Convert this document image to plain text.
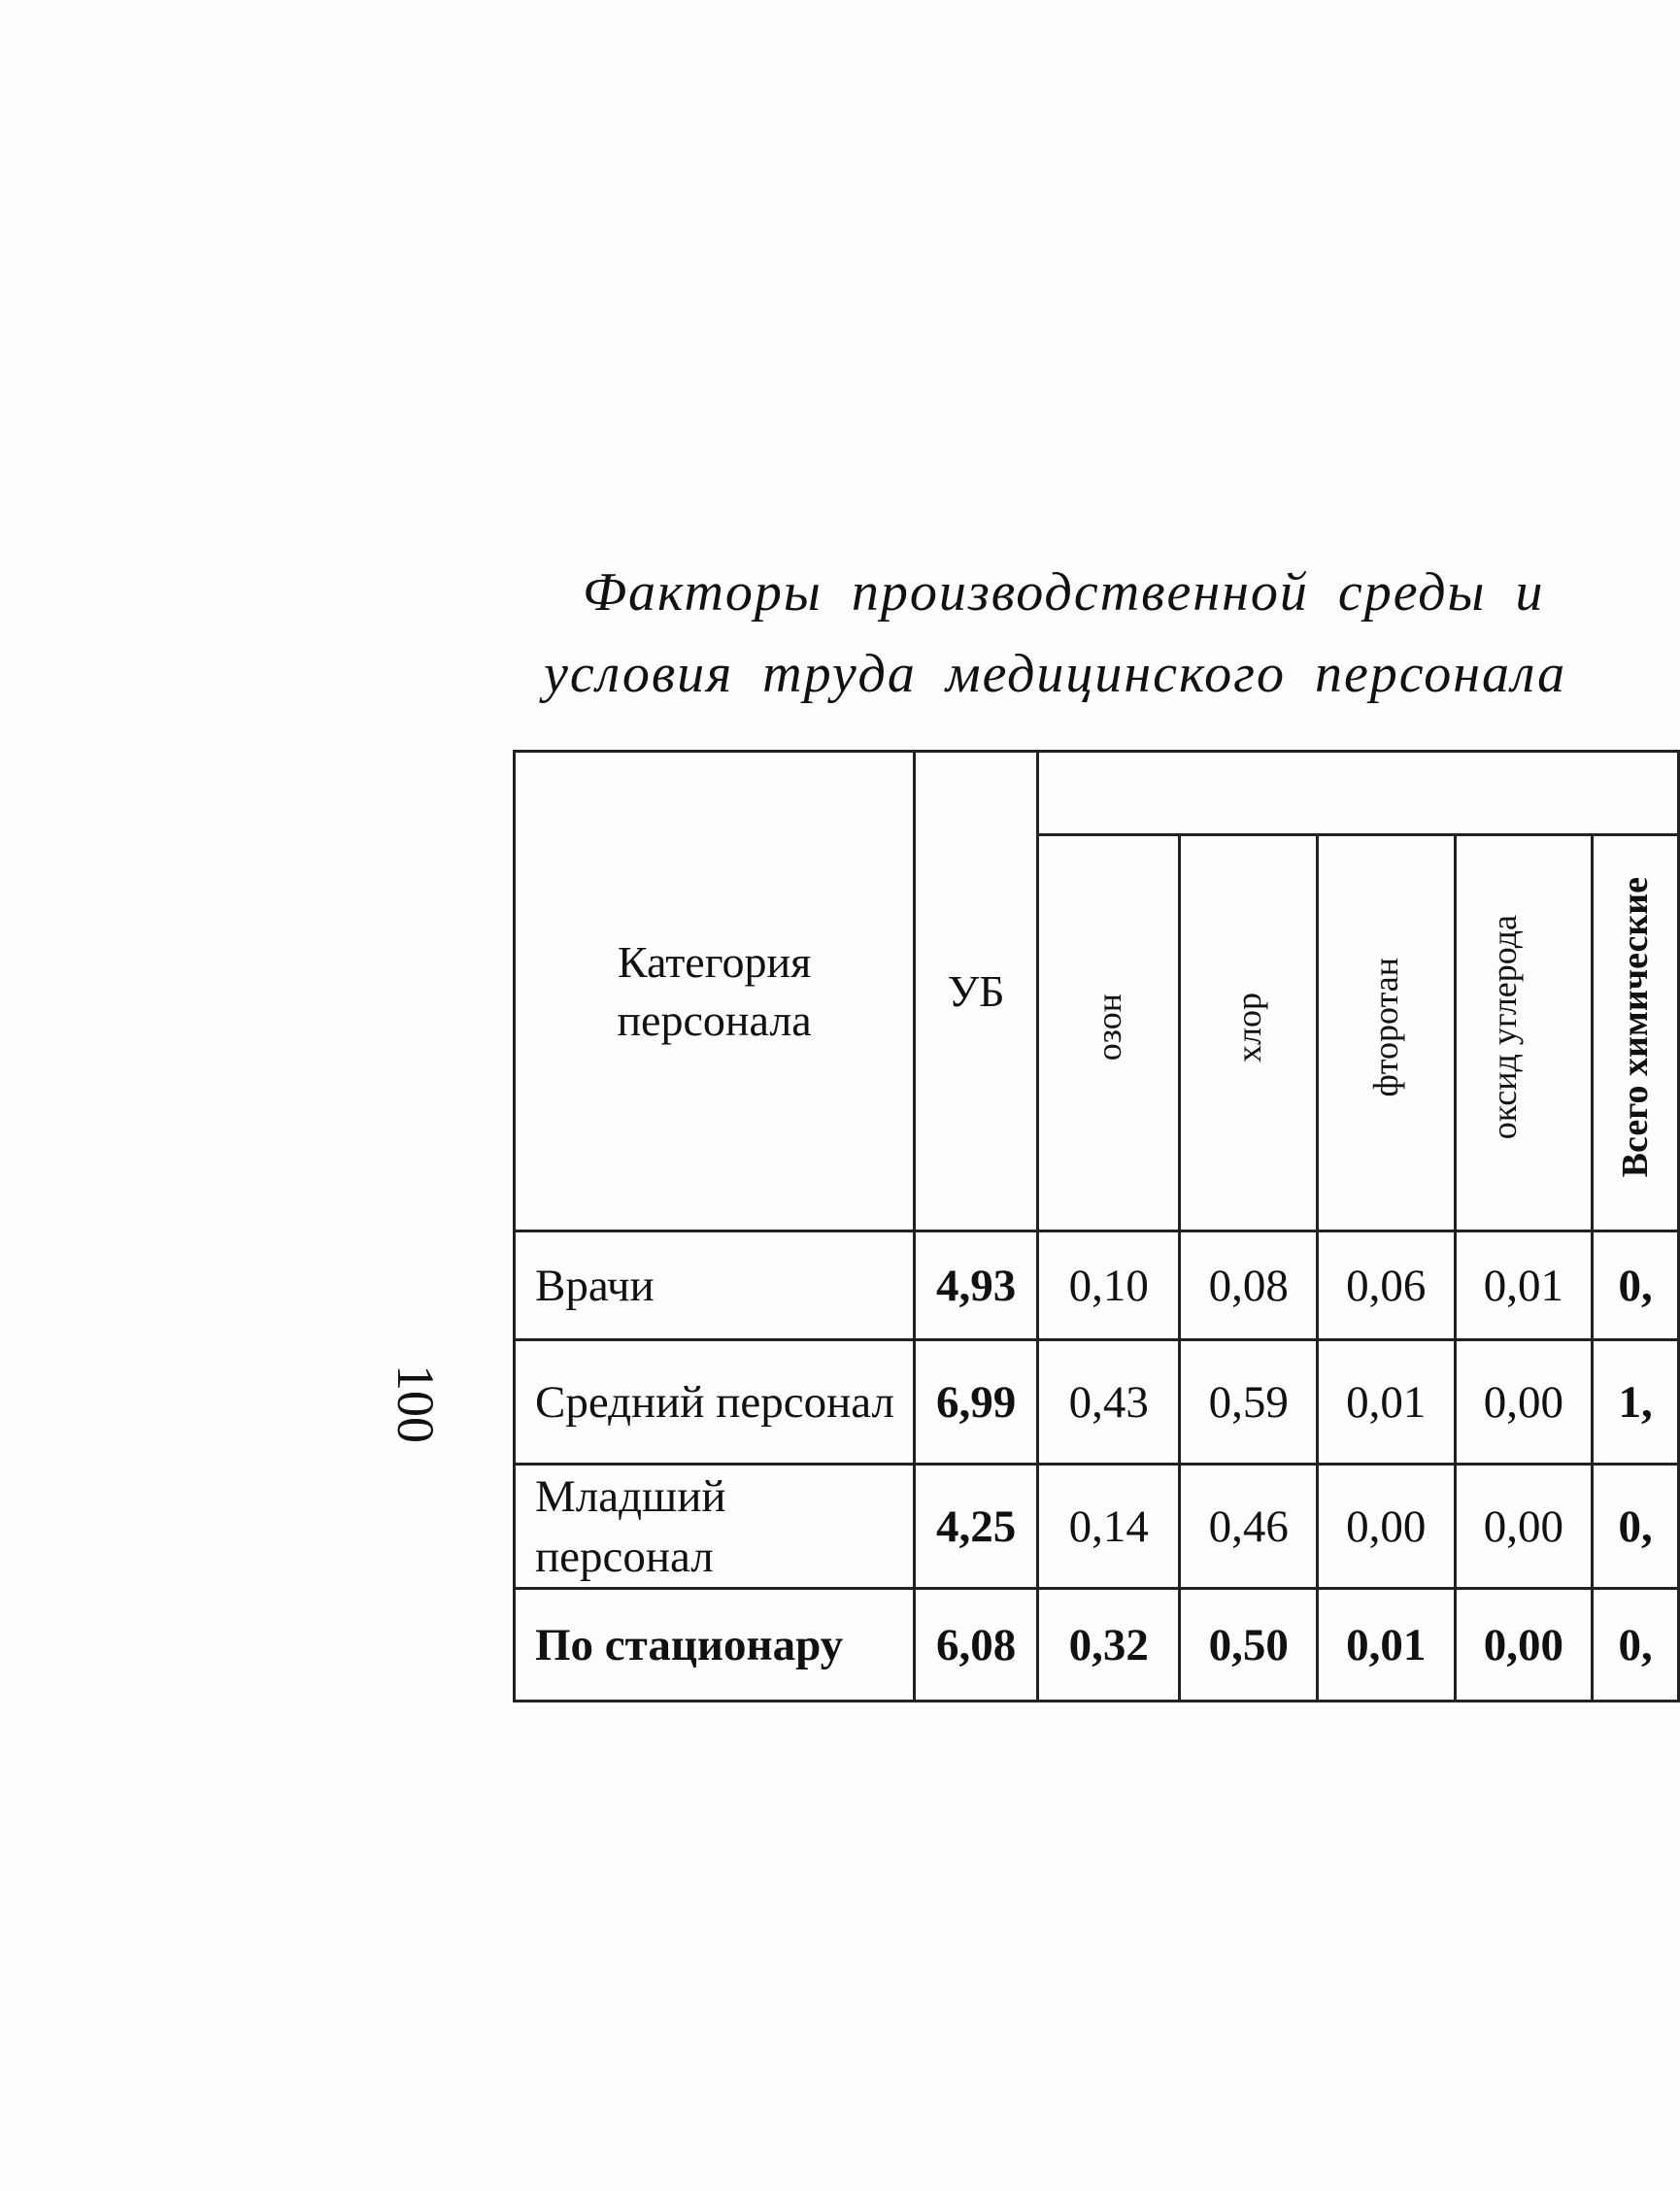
100
Факторы производственной среды и
условия труда медицинского персонала
Категория персонала	УБ					
		озон	хлор	фторотан	оксид углерода	Всего химические
Врачи	4,93	0,10	0,08	0,06	0,01	0,
Средний персонал	6,99	0,43	0,59	0,01	0,00	1,
Младший персонал	4,25	0,14	0,46	0,00	0,00	0,
По стационару	6,08	0,32	0,50	0,01	0,00	0,
